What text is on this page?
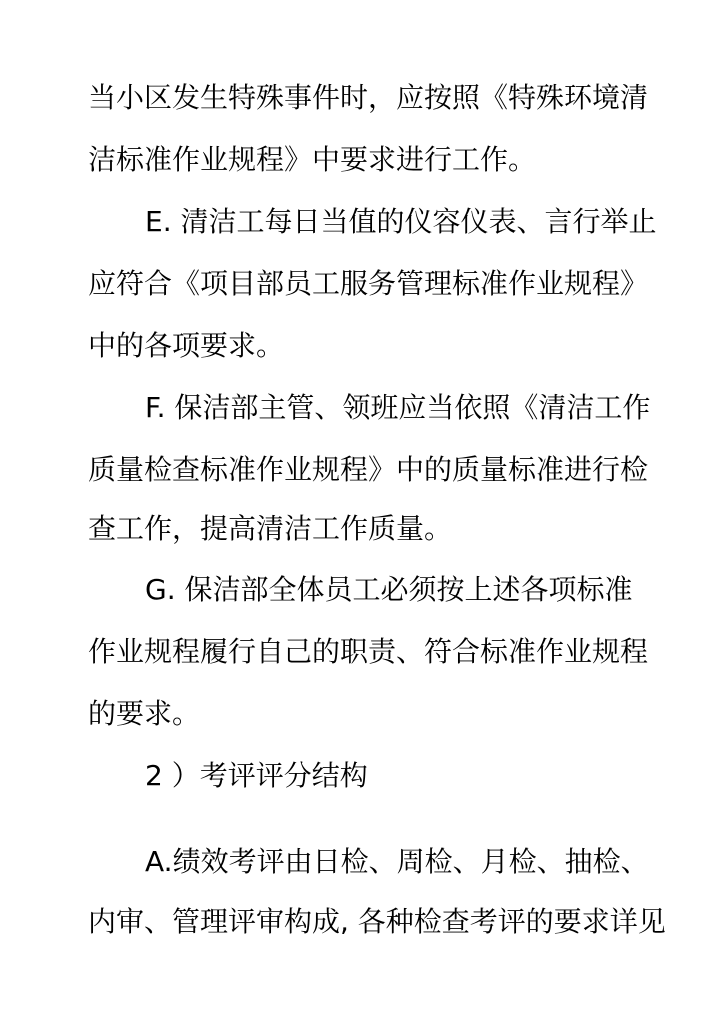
当小区发生特殊事件时，应按照《特殊环境清
洁标准作业规程》中要求进行工作。
E. 清洁工每日当值的仪容仪表、言行举止
应符合《项目部员工服务管理标准作业规程》
中的各项要求。
F. 保洁部主管、领班应当依照《清洁工作
质量检查标准作业规程》中的质量标准进行检
查工作，提高清洁工作质量。
G. 保洁部全体员工必须按上述各项标准
作业规程履行自己的职责、符合标准作业规程
的要求。
2 ）考评评分结构
A.绩效考评由日检、周检、月检、抽检、
内审、管理评审构成, 各种检查考评的要求详见
